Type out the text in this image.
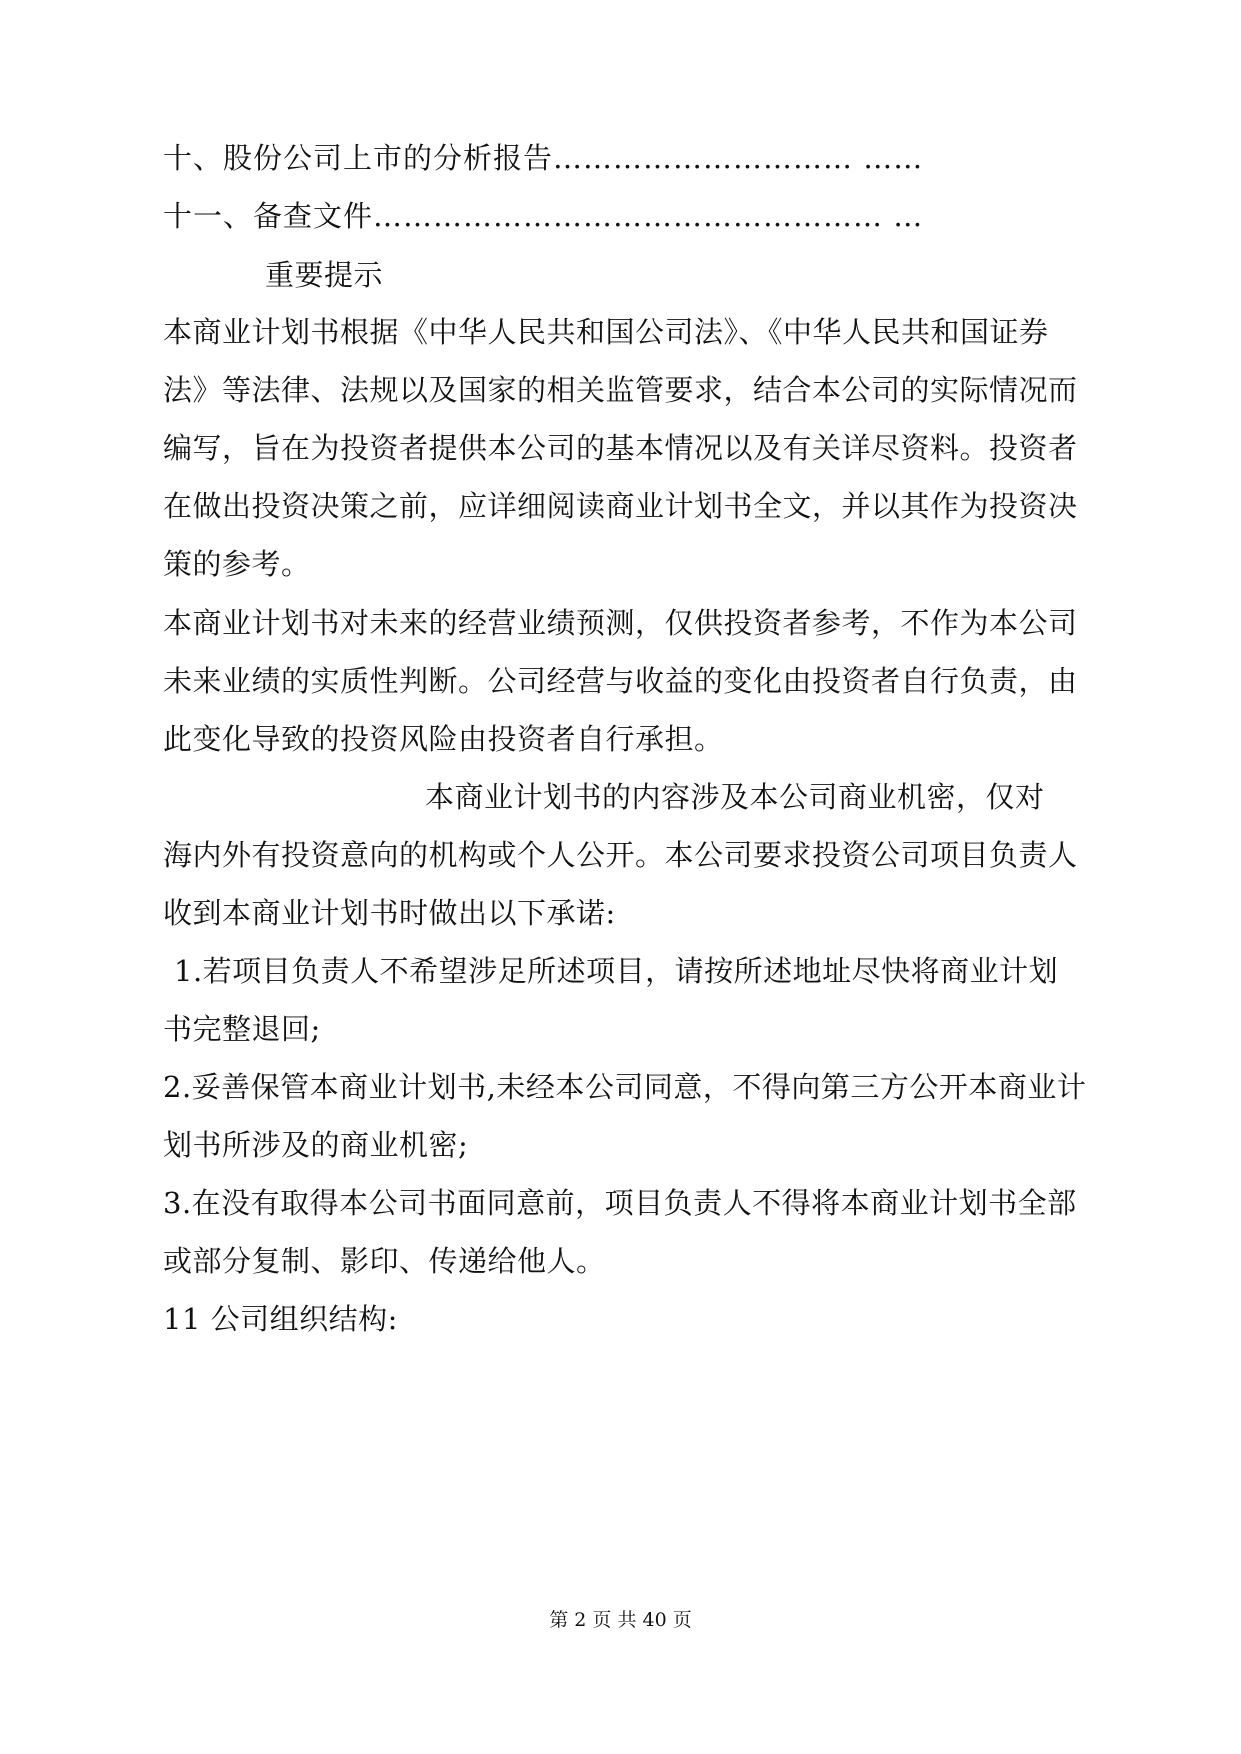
十、股份公司上市的分析报告………………………… ……
十一、备查文件…………………………………………… …
重要提示
本商业计划书根据《中华人民共和国公司法》、《中华人民共和国证券
法》等法律、法规以及国家的相关监管要求，结合本公司的实际情况而
编写，旨在为投资者提供本公司的基本情况以及有关详尽资料。投资者
在做出投资决策之前，应详细阅读商业计划书全文，并以其作为投资决
策的参考。
本商业计划书对未来的经营业绩预测，仅供投资者参考，不作为本公司
未来业绩的实质性判断。公司经营与收益的变化由投资者自行负责，由
此变化导致的投资风险由投资者自行承担。
本商业计划书的内容涉及本公司商业机密，仅对
海内外有投资意向的机构或个人公开。本公司要求投资公司项目负责人
收到本商业计划书时做出以下承诺:
1.若项目负责人不希望涉足所述项目，请按所述地址尽快将商业计划
书完整退回;
2.妥善保管本商业计划书,未经本公司同意，不得向第三方公开本商业计
划书所涉及的商业机密;
3.在没有取得本公司书面同意前，项目负责人不得将本商业计划书全部
或部分复制、影印、传递给他人。
11 公司组织结构:
第 2 页 共 40 页
